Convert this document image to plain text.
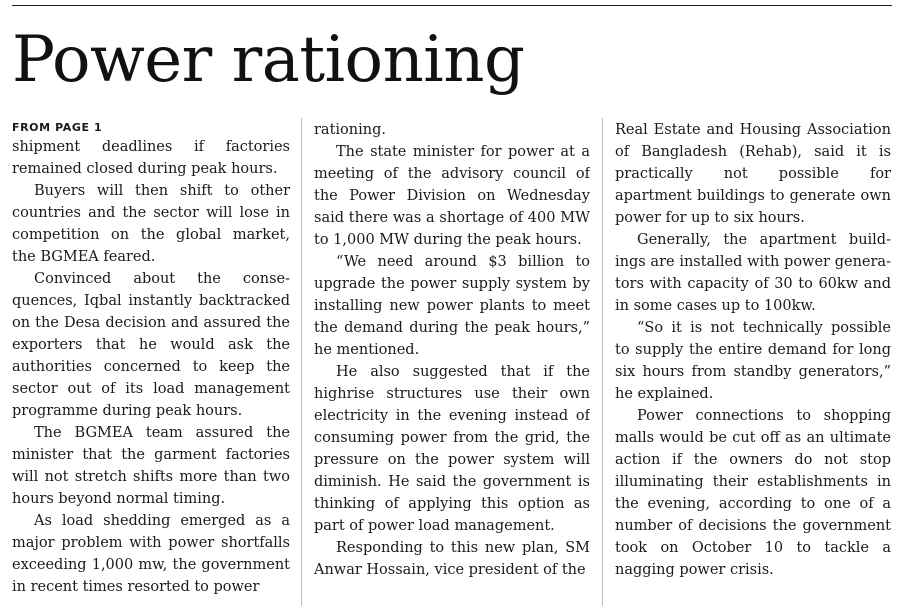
Power rationing
FROM PAGE 1

shipment deadlines if factories remained closed during peak hours.

Buyers will then shift to other countries and the sector will lose in competition on the global market, the BGMEA feared.

Convinced about the consequences, Iqbal instantly backtracked on the Desa decision and assured the exporters that he would ask the authorities concerned to keep the sector out of its load management programme during peak hours.

The BGMEA team assured the minister that the garment factories will not stretch shifts more than two hours beyond normal timing.

As load shedding emerged as a major problem with power shortfalls exceeding 1,000 mw, the government in recent times resorted to power

rationing.

The state minister for power at a meeting of the advisory council of the Power Division on Wednesday said there was a shortage of 400 MW to 1,000 MW during the peak hours.

“We need around $3 billion to upgrade the power supply system by installing new power plants to meet the demand during the peak hours,” he mentioned.

He also suggested that if the highrise structures use their own electricity in the evening instead of consuming power from the grid, the pressure on the power system will diminish. He said the government is thinking of applying this option as part of power load management.

Responding to this new plan, SM Anwar Hossain, vice president of the

Real Estate and Housing Association of Bangladesh (Rehab), said it is practically not possible for apartment buildings to generate own power for up to six hours.

Generally, the apartment buildings are installed with power generators with capacity of 30 to 60kw and in some cases up to 100kw.

“So it is not technically possible to supply the entire demand for long six hours from standby generators,” he explained.

Power connections to shopping malls would be cut off as an ultimate action if the owners do not stop illuminating their establishments in the evening, according to one of a number of decisions the government took on October 10 to tackle a nagging power crisis.
